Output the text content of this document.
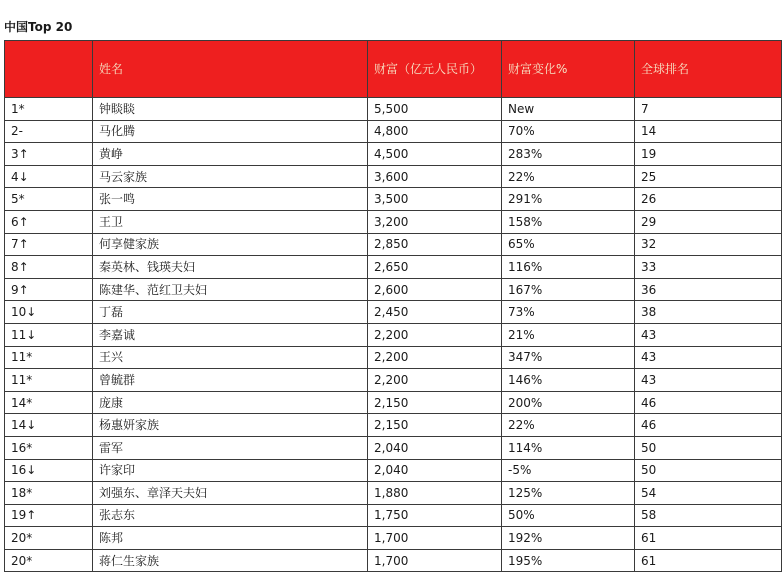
中国Top 20
	姓名	财富（亿元人民币）	财富变化%	全球排名
1*	钟睒睒	5,500	New	7
2-	马化腾	4,800	70%	14
3↑	黄峥	4,500	283%	19
4↓	马云家族	3,600	22%	25
5*	张一鸣	3,500	291%	26
6↑	王卫	3,200	158%	29
7↑	何享健家族	2,850	65%	32
8↑	秦英林、钱瑛夫妇	2,650	116%	33
9↑	陈建华、范红卫夫妇	2,600	167%	36
10↓	丁磊	2,450	73%	38
11↓	李嘉诚	2,200	21%	43
11*	王兴	2,200	347%	43
11*	曾毓群	2,200	146%	43
14*	庞康	2,150	200%	46
14↓	杨惠妍家族	2,150	22%	46
16*	雷军	2,040	114%	50
16↓	许家印	2,040	-5%	50
18*	刘强东、章泽天夫妇	1,880	125%	54
19↑	张志东	1,750	50%	58
20*	陈邦	1,700	192%	61
20*	蒋仁生家族	1,700	195%	61
